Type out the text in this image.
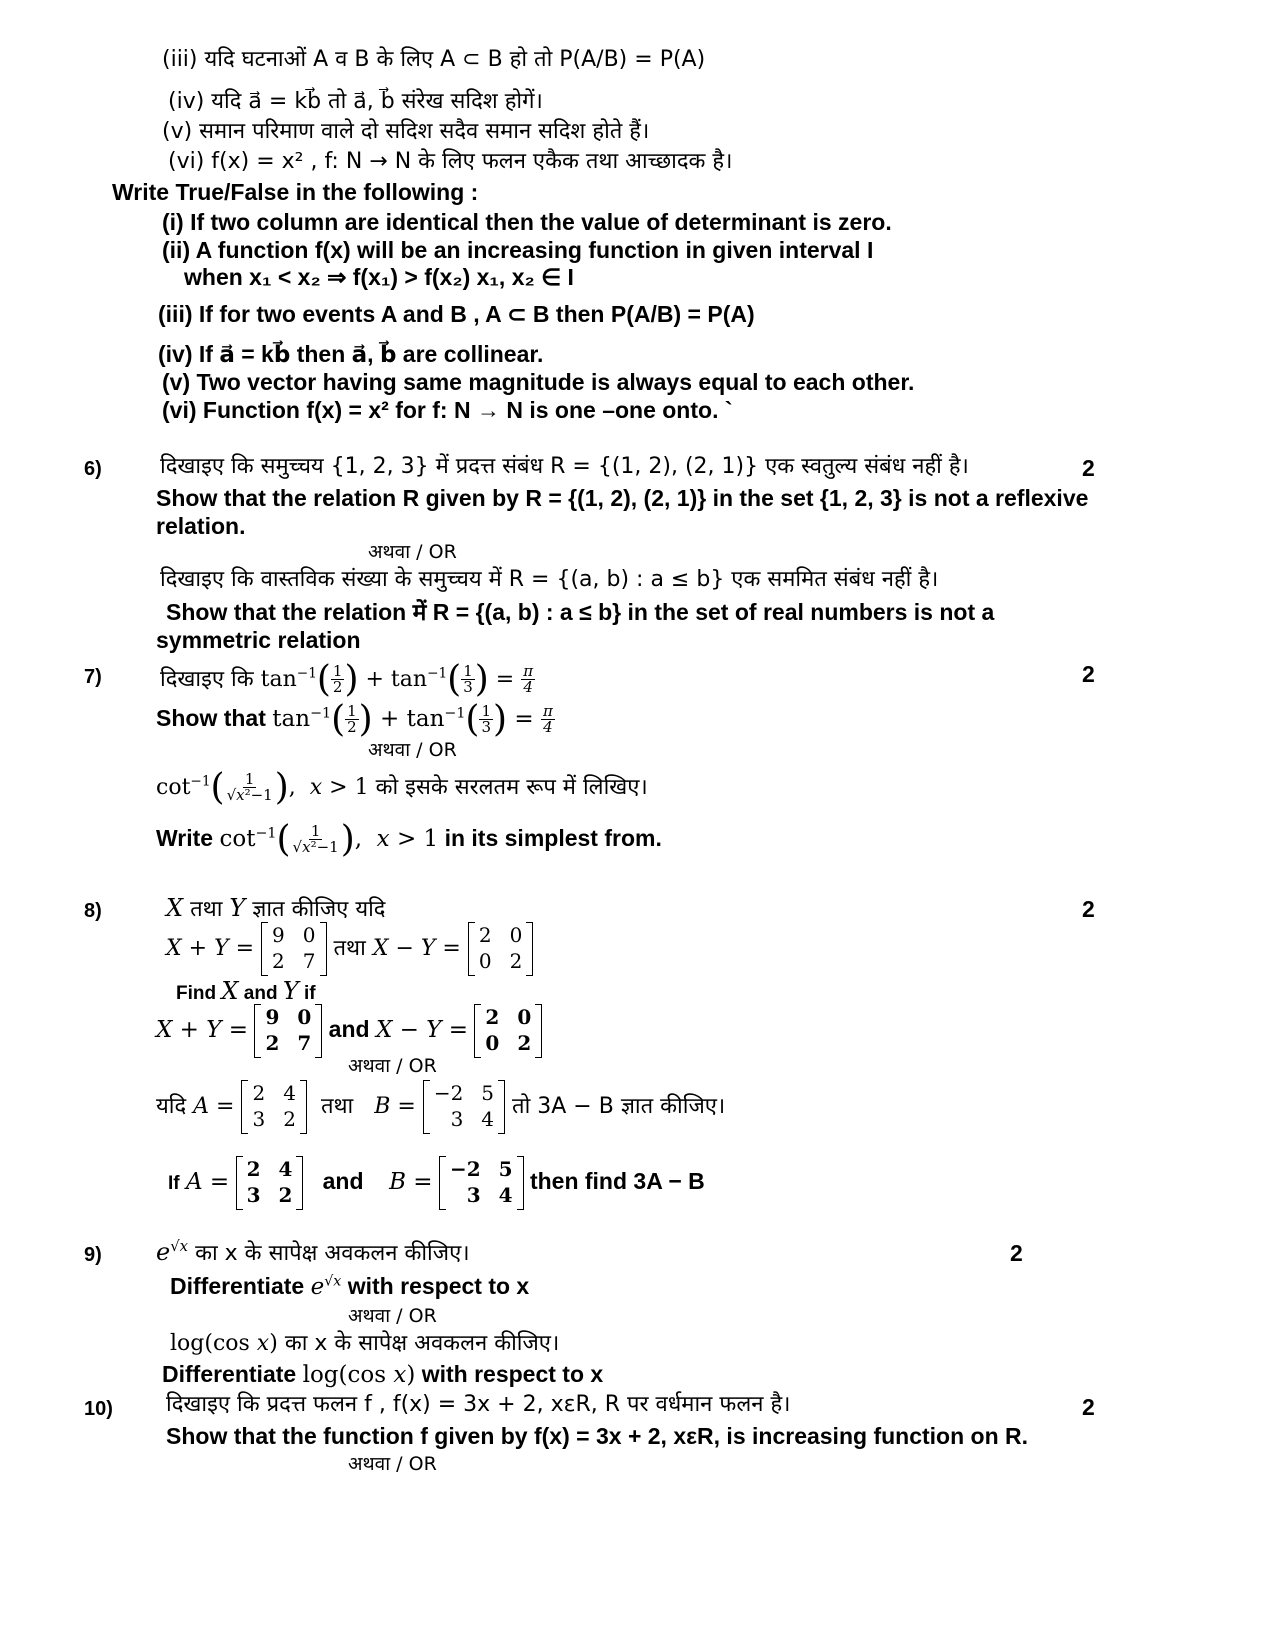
(iii) यदि घटनाओं A व B के लिए A ⊂ B हो तो P(A/B) = P(A)
(iv) यदि a⃗ = kb⃗ तो a⃗, b⃗ संरेख सदिश होगें।
(v) समान परिमाण वाले दो सदिश सदैव समान सदिश होते हैं।
(vi) f(x) = x² , f: N → N के लिए फलन एकैक तथा आच्छादक है।
Write True/False in the following :
(i) If two column are identical then the value of determinant is zero.
(ii) A function f(x) will be an increasing function in given interval I
when x₁ < x₂ ⇒ f(x₁) > f(x₂) x₁, x₂ ∈ I
(iii) If for two events A and B , A ⊂ B then P(A/B) = P(A)
(iv) If a⃗ = kb⃗ then a⃗, b⃗ are collinear.
(v) Two vector having same magnitude is always equal to each other.
(vi) Function f(x) = x² for f: N → N is one –one onto. `
6)	2
दिखाइए कि समुच्चय {1, 2, 3} में प्रदत्त संबंध R = {(1, 2), (2, 1)} एक स्वतुल्य संबंध नहीं है।
Show that the relation R given by R = {(1, 2), (2, 1)} in the set {1, 2, 3} is not a reflexive
relation.
अथवा / OR
दिखाइए कि वास्तविक संख्या के समुच्चय में R = {(a, b) : a ≤ b} एक सममित संबंध नहीं है।
Show that the relation में R = {(a, b) : a ≤ b} in the set of real numbers is not a
symmetric relation
7)	2
दिखाइए कि $\tan^{-1}( \frac{1}{2}$ ) + $\tan^{-1}( \frac{1}{3}$ ) = $\frac{\pi}{4}$
Show that $\tan^{-1}( \frac{1}{2}$ ) + $\tan^{-1}( \frac{1}{3}$ ) = $\frac{\pi}{4}$
अथवा / OR
$\cot^{-1}( \frac{1}{\text{√x²−1}}$ ),  x > 1 को इसके सरलतम रूप में लिखिए।
Write $\cot^{-1}( \frac{1}{\text{√x²−1}}$ ),  x > 1 in its simplest from.
8)	2
X तथा Y ज्ञात कीजिए यदि
X + Y =
9 0
2 7 तथा X − Y =
2 0
0 2
Find X and Y if
X + Y =
9 0
2 7
and X − Y =
2 0
0 2
अथवा / OR
यदि A =
2 4
3 2 तथा B =
−2 5
3 4 तो 3A − B ज्ञात कीजिए।
If A =
2 4
3 2
and B =
−2 5
3 4
then find 3A − B
9)	2
$e^{√x}$ का x के सापेक्ष अवकलन कीजिए।
Differentiate $e^{√x}$ with respect to x
अथवा / OR
log(cos x) का x के सापेक्ष अवकलन कीजिए।
Differentiate log(cos x) with respect to x
10)	2
दिखाइए कि प्रदत्त फलन f , f(x) = 3x + 2, xεR, R पर वर्धमान फलन है।
Show that the function f given by f(x) = 3x + 2, xεR, is increasing function on R.
अथवा / OR
